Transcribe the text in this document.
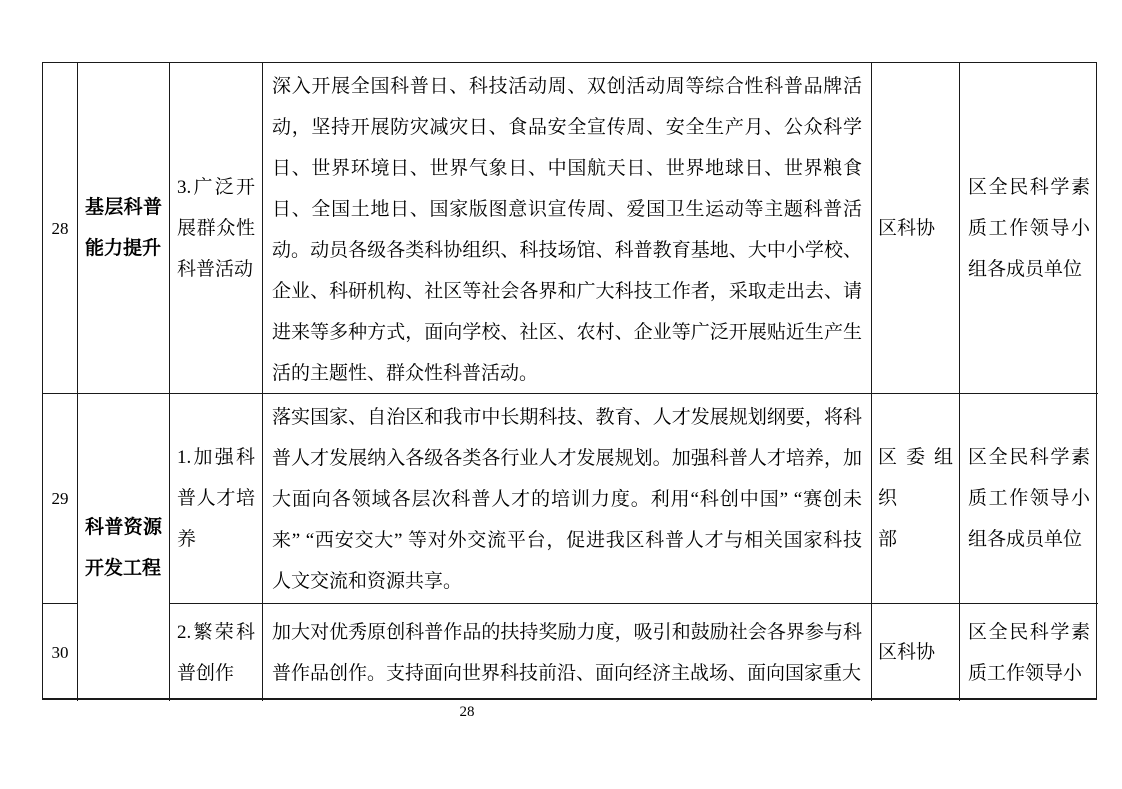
28
基层科普
能力提升
3.广泛开
展群众性
科普活动
深入开展全国科普日、科技活动周、双创活动周等综合性科普品牌活
动，坚持开展防灾减灾日、食品安全宣传周、安全生产月、公众科学
日、世界环境日、世界气象日、中国航天日、世界地球日、世界粮食
日、全国土地日、国家版图意识宣传周、爱国卫生运动等主题科普活
动。动员各级各类科协组织、科技场馆、科普教育基地、大中小学校、
企业、科研机构、社区等社会各界和广大科技工作者，采取走出去、请
进来等多种方式，面向学校、社区、农村、企业等广泛开展贴近生产生
活的主题性、群众性科普活动。
区科协
区全民科学素
质工作领导小
组各成员单位
29
科普资源
开发工程
1.加强科
普人才培
养
落实国家、自治区和我市中长期科技、教育、人才发展规划纲要，将科
普人才发展纳入各级各类各行业人才发展规划。加强科普人才培养，加
大面向各领域各层次科普人才的培训力度。利用“科创中国” “赛创未
来” “西安交大” 等对外交流平台，促进我区科普人才与相关国家科技
人文交流和资源共享。
区委组织
部
区全民科学素
质工作领导小
组各成员单位
30
2.繁荣科
普创作
加大对优秀原创科普作品的扶持奖励力度，吸引和鼓励社会各界参与科
普作品创作。支持面向世界科技前沿、面向经济主战场、面向国家重大
区科协
区全民科学素
质工作领导小
28
